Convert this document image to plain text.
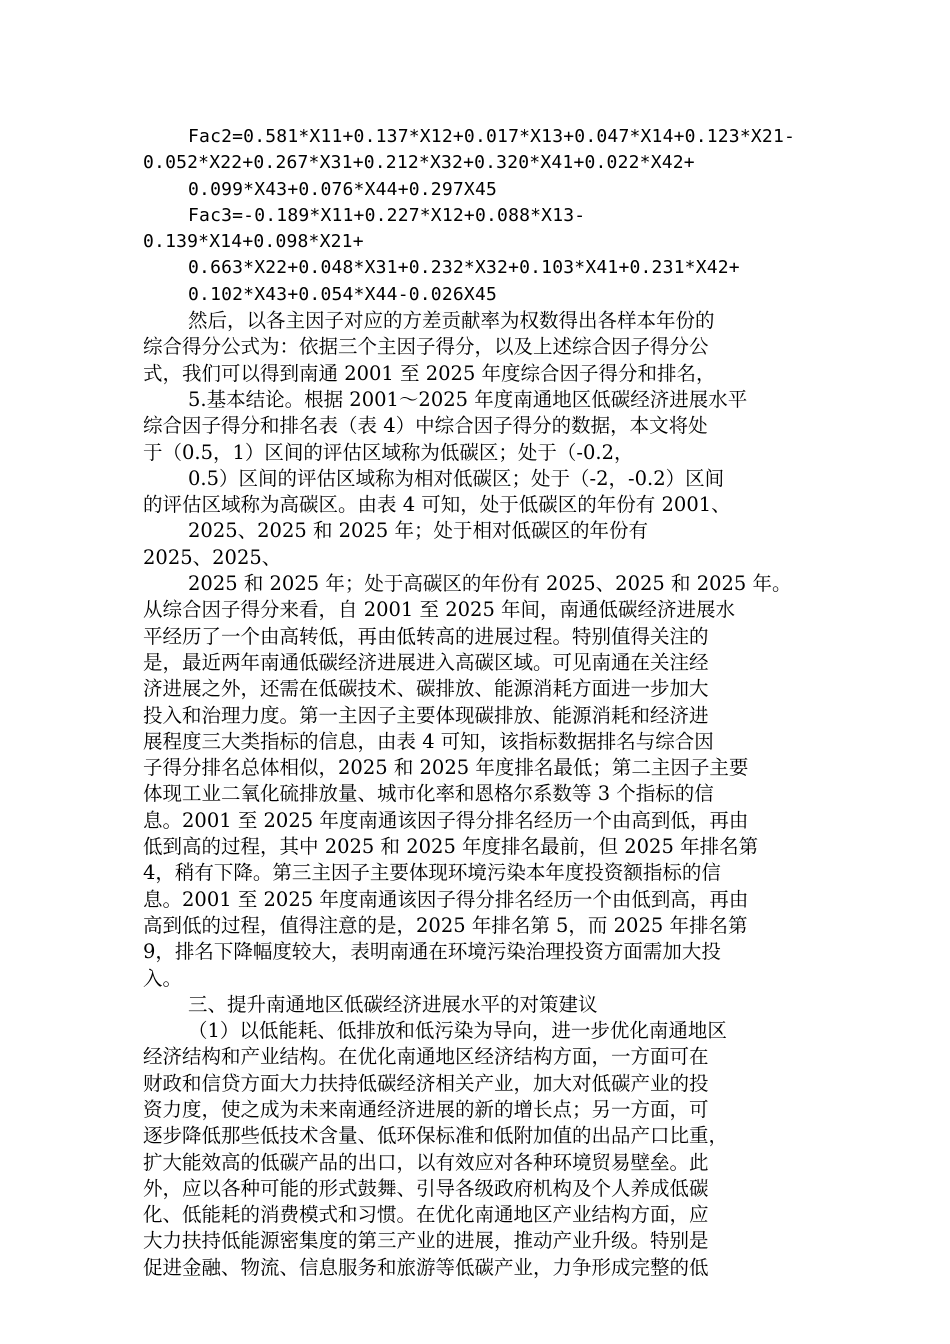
Fac2=0.581*X11+0.137*X12+0.017*X13+0.047*X14+0.123*X21-
0.052*X22+0.267*X31+0.212*X32+0.320*X41+0.022*X42+
0.099*X43+0.076*X44+0.297X45
Fac3=-0.189*X11+0.227*X12+0.088*X13-
0.139*X14+0.098*X21+
0.663*X22+0.048*X31+0.232*X32+0.103*X41+0.231*X42+
0.102*X43+0.054*X44-0.026X45
然后，以各主因子对应的方差贡献率为权数得出各样本年份的
综合得分公式为：依据三个主因子得分，以及上述综合因子得分公
式，我们可以得到南通 2001 至 2025 年度综合因子得分和排名，
5.基本结论。根据 2001～2025 年度南通地区低碳经济进展水平
综合因子得分和排名表（表 4）中综合因子得分的数据，本文将处
于（0.5，1）区间的评估区域称为低碳区；处于（-0.2，
0.5）区间的评估区域称为相对低碳区；处于（-2，-0.2）区间
的评估区域称为高碳区。由表 4 可知，处于低碳区的年份有 2001、
2025、2025 和 2025 年；处于相对低碳区的年份有
2025、2025、
2025 和 2025 年；处于高碳区的年份有 2025、2025 和 2025 年。
从综合因子得分来看，自 2001 至 2025 年间，南通低碳经济进展水
平经历了一个由高转低，再由低转高的进展过程。特别值得关注的
是，最近两年南通低碳经济进展进入高碳区域。可见南通在关注经
济进展之外，还需在低碳技术、碳排放、能源消耗方面进一步加大
投入和治理力度。第一主因子主要体现碳排放、能源消耗和经济进
展程度三大类指标的信息，由表 4 可知，该指标数据排名与综合因
子得分排名总体相似，2025 和 2025 年度排名最低；第二主因子主要
体现工业二氧化硫排放量、城市化率和恩格尔系数等 3 个指标的信
息。2001 至 2025 年度南通该因子得分排名经历一个由高到低，再由
低到高的过程，其中 2025 和 2025 年度排名最前，但 2025 年排名第
4，稍有下降。第三主因子主要体现环境污染本年度投资额指标的信
息。2001 至 2025 年度南通该因子得分排名经历一个由低到高，再由
高到低的过程，值得注意的是，2025 年排名第 5，而 2025 年排名第
9，排名下降幅度较大，表明南通在环境污染治理投资方面需加大投
入。
三、提升南通地区低碳经济进展水平的对策建议
（1）以低能耗、低排放和低污染为导向，进一步优化南通地区
经济结构和产业结构。在优化南通地区经济结构方面，一方面可在
财政和信贷方面大力扶持低碳经济相关产业，加大对低碳产业的投
资力度，使之成为未来南通经济进展的新的增长点；另一方面，可
逐步降低那些低技术含量、低环保标准和低附加值的出品产口比重，
扩大能效高的低碳产品的出口，以有效应对各种环境贸易壁垒。此
外，应以各种可能的形式鼓舞、引导各级政府机构及个人养成低碳
化、低能耗的消费模式和习惯。在优化南通地区产业结构方面，应
大力扶持低能源密集度的第三产业的进展，推动产业升级。特别是
促进金融、物流、信息服务和旅游等低碳产业，力争形成完整的低
